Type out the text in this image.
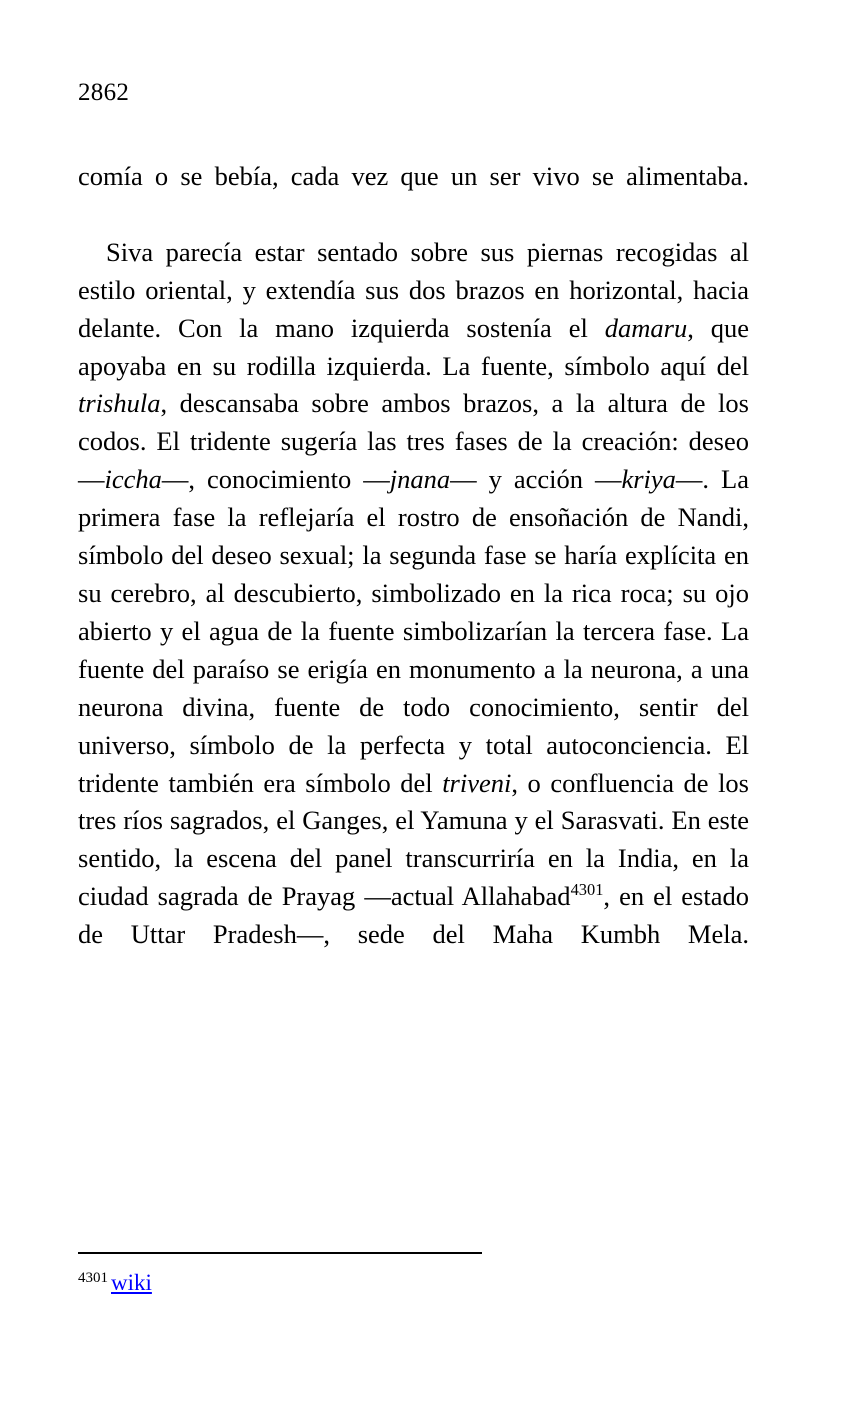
2862

comía o se bebía, cada vez que un ser vivo se alimentaba.

Siva parecía estar sentado sobre sus piernas recogidas al estilo oriental, y extendía sus dos brazos en horizontal, hacia delante. Con la mano izquierda sostenía el damaru, que apoyaba en su rodilla izquierda. La fuente, símbolo aquí del trishula, descansaba sobre ambos brazos, a la altura de los codos. El tridente sugería las tres fases de la creación: deseo —iccha—, conocimiento —jnana— y acción —kriya—. La primera fase la reflejaría el rostro de ensoñación de Nandi, símbolo del deseo sexual; la segunda fase se haría explícita en su cerebro, al descubierto, simbolizado en la rica roca; su ojo abierto y el agua de la fuente simbolizarían la tercera fase. La fuente del paraíso se erigía en monumento a la neurona, a una neurona divina, fuente de todo conocimiento, sentir del universo, símbolo de la perfecta y total autoconciencia. El tridente también era símbolo del triveni, o confluencia de los tres ríos sagrados, el Ganges, el Yamuna y el Sarasvati. En este sentido, la escena del panel transcurriría en la India, en la ciudad sagrada de Prayag —actual Allahabad$^{4301}$, en el estado de Uttar Pradesh—, sede del Maha Kumbh Mela.

$^{4301}$ wiki
